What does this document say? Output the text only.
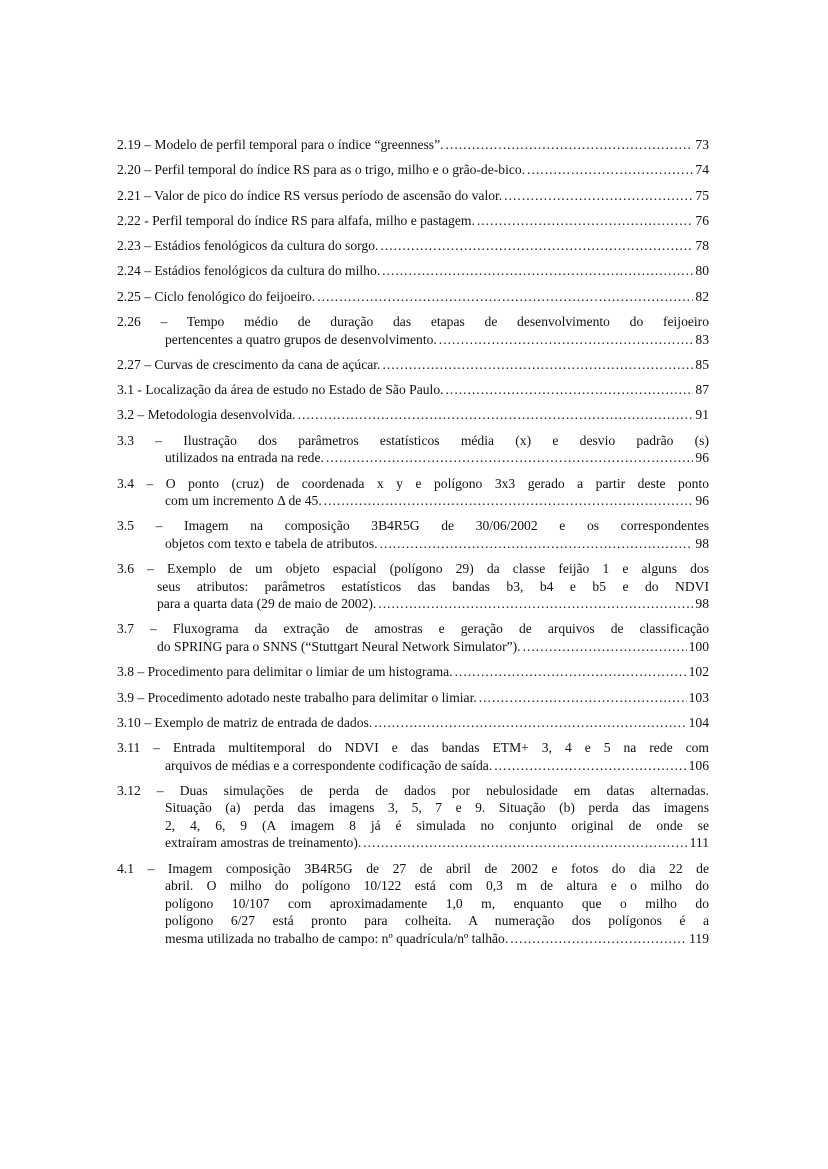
2.19 – Modelo de perfil temporal para o índice “greenness”. .....	73
2.20 – Perfil temporal do índice RS para as o trigo, milho e o grão-de-bico. .....	74
2.21 – Valor de pico do índice RS versus período de ascensão do valor. .....	75
2.22 - Perfil temporal do índice RS para alfafa, milho e pastagem. .....	76
2.23 – Estádios fenológicos da cultura do sorgo. .....	78
2.24 – Estádios fenológicos da cultura do milho. .....	80
2.25 – Ciclo fenológico do feijoeiro. .....	82
2.26 – Tempo médio de duração das etapas de desenvolvimento do feijoeiro
pertencentes a quatro grupos de desenvolvimento. .....	83
2.27 – Curvas de crescimento da cana de açúcar. .....	85
3.1 - Localização da área de estudo no Estado de São Paulo. .....	87
3.2 – Metodologia desenvolvida. .....	91
3.3 – Ilustração dos parâmetros estatísticos média (x) e desvio padrão (s)
utilizados na entrada na rede. .....	96
3.4 – O ponto (cruz) de coordenada x y e polígono 3x3 gerado a partir deste ponto
com um incremento Δ de 45. .....	96
3.5 – Imagem na composição 3B4R5G de 30/06/2002 e os correspondentes
objetos com texto e tabela de atributos. .....	98
3.6 – Exemplo de um objeto espacial (polígono 29) da classe feijão 1 e alguns dos
seus atributos: parâmetros estatísticos das bandas b3, b4 e b5 e do NDVI
para a quarta data (29 de maio de 2002). .....	98
3.7 – Fluxograma da extração de amostras e geração de arquivos de classificação
do SPRING para o SNNS (“Stuttgart Neural Network Simulator”). .....	100
3.8 – Procedimento para delimitar o limiar de um histograma. .....	102
3.9 – Procedimento adotado neste trabalho para delimitar o limiar. .....	103
3.10 – Exemplo de matriz de entrada de dados. .....	104
3.11 – Entrada multitemporal do NDVI e das bandas ETM+ 3, 4 e 5 na rede com
arquivos de médias e a correspondente codificação de saída. .....	106
3.12 – Duas simulações de perda de dados por nebulosidade em datas alternadas.
Situação (a) perda das imagens 3, 5, 7 e 9. Situação (b) perda das imagens
2, 4, 6, 9 (A imagem 8 já é simulada no conjunto original de onde se
extraíram amostras de treinamento). .....	111
4.1 – Imagem composição 3B4R5G de 27 de abril de 2002 e fotos do dia 22 de
abril. O milho do polígono 10/122 está com 0,3 m de altura e o milho do
polígono 10/107 com aproximadamente 1,0 m, enquanto que o milho do
polígono 6/27 está pronto para colheita. A numeração dos polígonos é a
mesma utilizada no trabalho de campo: nº quadrícula/nº talhão. .....	119
